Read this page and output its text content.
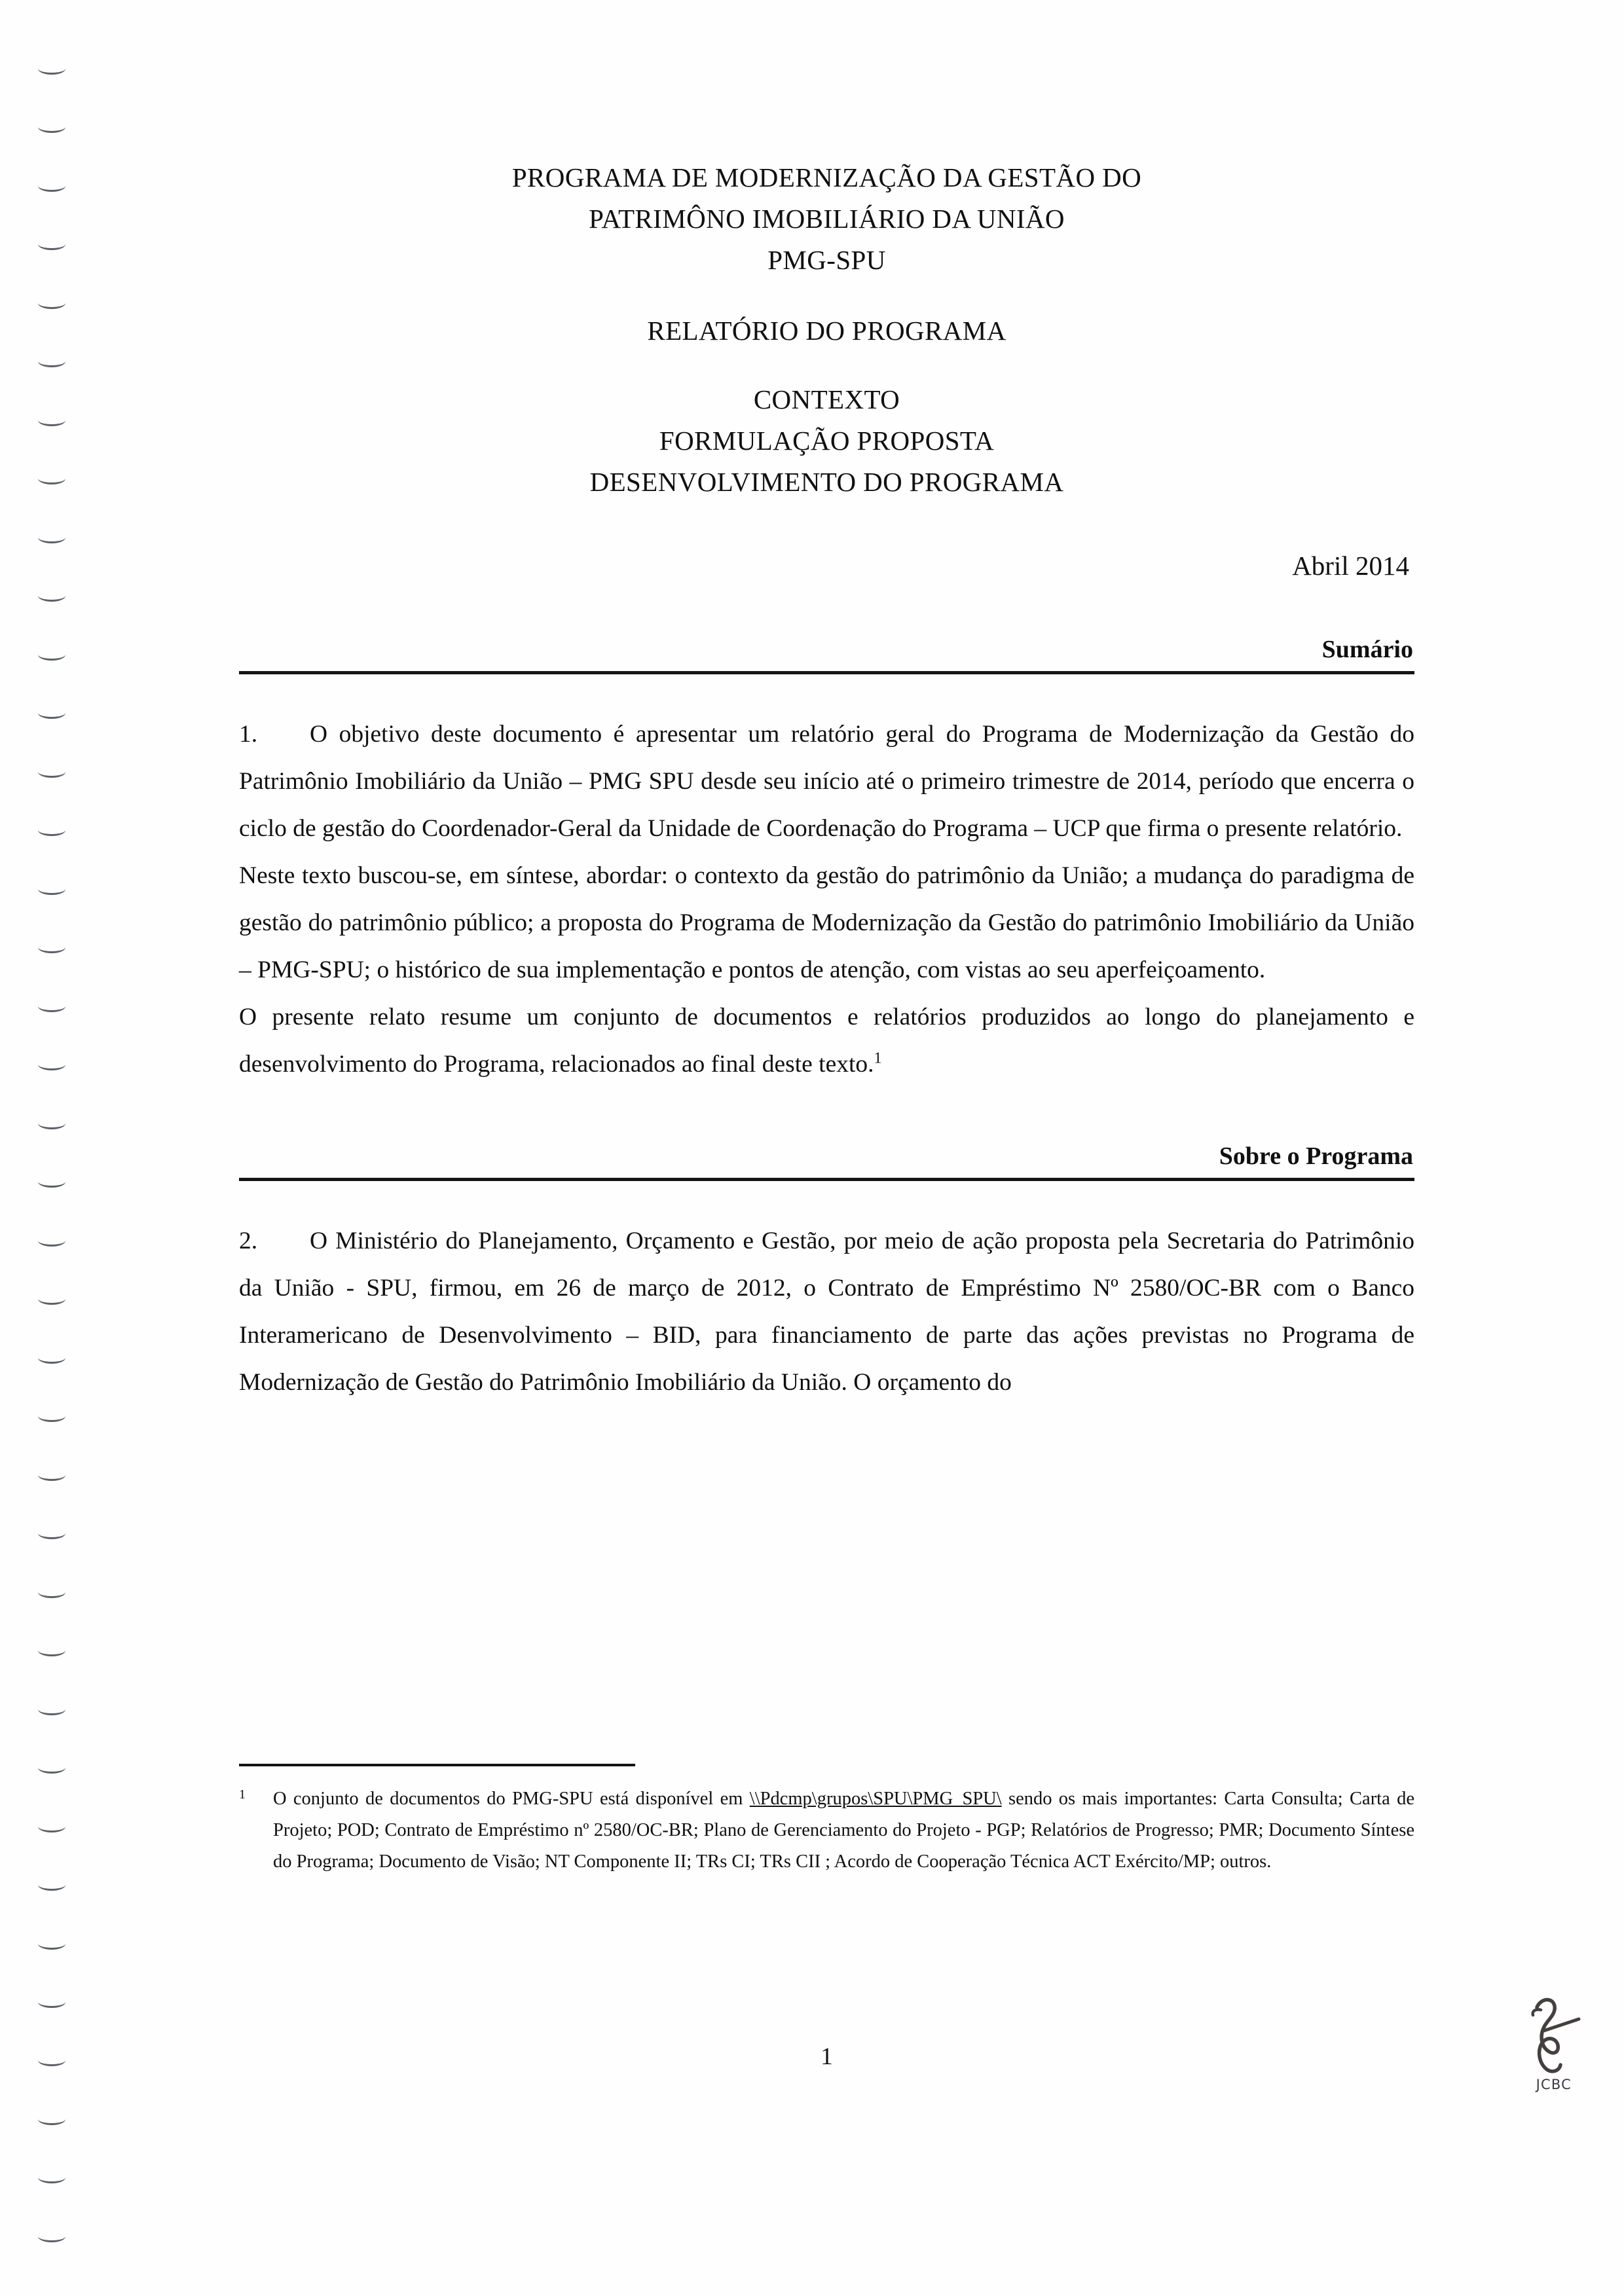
PROGRAMA DE MODERNIZAÇÃO DA GESTÃO DO
PATRIMÔNO IMOBILIÁRIO DA UNIÃO
PMG-SPU
RELATÓRIO DO PROGRAMA
CONTEXTO
FORMULAÇÃO PROPOSTA
DESENVOLVIMENTO DO PROGRAMA
Abril 2014
Sumário

1. O objetivo deste documento é apresentar um relatório geral do Programa de Modernização da Gestão do Patrimônio Imobiliário da União – PMG SPU desde seu início até o primeiro trimestre de 2014, período que encerra o ciclo de gestão do Coordenador-Geral da Unidade de Coordenação do Programa – UCP que firma o presente relatório.

Neste texto buscou-se, em síntese, abordar: o contexto da gestão do patrimônio da União; a mudança do paradigma de gestão do patrimônio público; a proposta do Programa de Modernização da Gestão do patrimônio Imobiliário da União – PMG-SPU; o histórico de sua implementação e pontos de atenção, com vistas ao seu aperfeiçoamento.

O presente relato resume um conjunto de documentos e relatórios produzidos ao longo do planejamento e desenvolvimento do Programa, relacionados ao final deste texto.$^1$

Sobre o Programa

2. O Ministério do Planejamento, Orçamento e Gestão, por meio de ação proposta pela Secretaria do Patrimônio da União - SPU, firmou, em 26 de março de 2012, o Contrato de Empréstimo Nº 2580/OC-BR com o Banco Interamericano de Desenvolvimento – BID, para financiamento de parte das ações previstas no Programa de Modernização de Gestão do Patrimônio Imobiliário da União. O orçamento do

1	O conjunto de documentos do PMG-SPU está disponível em \\Pdcmp\grupos\SPU\PMG_SPU\ sendo os mais importantes: Carta Consulta; Carta de Projeto; POD; Contrato de Empréstimo nº 2580/OC-BR; Plano de Gerenciamento do Projeto - PGP; Relatórios de Progresso; PMR; Documento Síntese do Programa; Documento de Visão; NT Componente II; TRs CI; TRs CII ; Acordo de Cooperação Técnica ACT Exército/MP; outros.
1
JCBC
